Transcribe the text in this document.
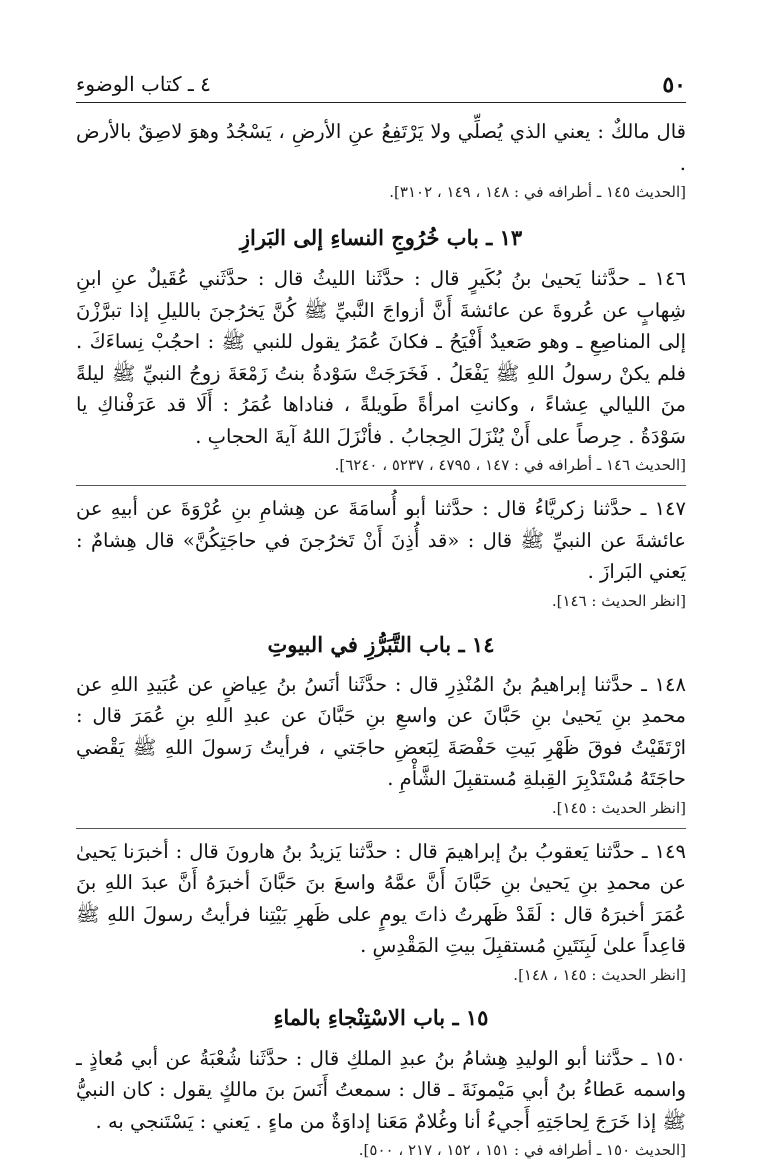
٥٠
٤ ـ كتاب الوضوء

قال مالكٌ : يعني الذي يُصلِّي ولا يَرْتَفِعُ عنِ الأرضِ ، يَسْجُدُ وهوَ لاصِقٌ بالأرض .

[الحديث ١٤٥ ـ أطرافه في : ١٤٨ ، ١٤٩ ، ٣١٠٢].

١٣ ـ باب خُرُوجِ النساءِ إلى البَرازِ

١٤٦ ـ حدَّثنا يَحيىٰ بنُ بُكَيرٍ قال : حدَّثَنا الليثُ قال : حدَّثَني عُقَيلٌ عنِ ابنِ شِهابٍ عن عُروةَ عن عائشةَ أَنَّ أزواجَ النَّبيِّ ﷺ كُنَّ يَخرُجنَ بالليلِ إذا تبرَّزْنَ إلى المناصِعِ ـ وهو صَعيدٌ أَفْيَحُ ـ فكانَ عُمَرُ يقول للنبي ﷺ : احجُبْ نِساءَكَ . فلم يكنْ رسولُ اللهِ ﷺ يَفْعَلُ . فَخَرَجَتْ سَوْدةُ بنتُ زَمْعَةَ زوجُ النبيِّ ﷺ ليلةً منَ الليالي عِشاءً ، وكانتِ امرأةً طَويلةً ، فناداها عُمَرُ : أَلَا قد عَرَفْناكِ يا سَوْدَةُ . حِرصاً على أَنْ يُنْزَلَ الحِجابُ . فأنْزَلَ اللهُ آيةَ الحجابِ .

[الحديث ١٤٦ ـ أطرافه في : ١٤٧ ، ٤٧٩٥ ، ٥٢٣٧ ، ٦٢٤٠].

١٤٧ ـ حدَّثنا زكريَّاءُ قال : حدَّثنا أبو أُسامَةَ عن هِشامِ بنِ عُرْوَةَ عن أبيهِ عن عائشةَ عن النبيِّ ﷺ قال : «قد أُذِنَ أَنْ تَخرُجنَ في حاجَتِكُنَّ» قال هِشامٌ : يَعني البَرازَ .

[انظر الحديث : ١٤٦].

١٤ ـ باب التَّبَرُّزِ في البيوتِ

١٤٨ ـ حدَّثنا إبراهيمُ بنُ المُنْذِرِ قال : حدَّثَنا أنَسُ بنُ عِياضٍ عن عُبَيدِ اللهِ عن محمدِ بنِ يَحيىٰ بنِ حَبَّانَ عن واسعِ بنِ حَبَّانَ عن عبدِ اللهِ بنِ عُمَرَ قال : ارْتَقَيْتُ فوقَ ظَهْرِ بَيتِ حَفْصَةَ لِبَعضِ حاجَتي ، فرأيتُ رَسولَ اللهِ ﷺ يَقْضي حاجَتَهُ مُسْتَدْبِرَ القِبلةِ مُستقبِلَ الشَّأْمِ .

[انظر الحديث : ١٤٥].

١٤٩ ـ حدَّثنا يَعقوبُ بنُ إبراهيمَ قال : حدَّثنا يَزيدُ بنُ هارونَ قال : أخبرَنا يَحيىٰ عن محمدِ بنِ يَحيىٰ بنِ حَبَّانَ أَنَّ عمَّهُ واسعَ بنَ حَبَّانَ أخبرَهُ أَنَّ عبدَ اللهِ بنَ عُمَرَ أخبرَهُ قال : لَقَدْ ظَهرتُ ذاتَ يومٍ على ظَهرِ بَيْتِنا فرأيتُ رسولَ اللهِ ﷺ قاعِداً علىٰ لَبِنَتَينِ مُستقبِلَ بيتِ المَقْدِسِ .

[انظر الحديث : ١٤٥ ، ١٤٨].

١٥ ـ باب الاسْتِنْجاءِ بالماءِ

١٥٠ ـ حدَّثنا أبو الوليدِ هِشامُ بنُ عبدِ الملكِ قال : حدَّثَنا شُعْبَةُ عن أبي مُعاذٍ ـ واسمه عَطاءُ بنُ أبي مَيْمونَةَ ـ قال : سمعتُ أَنَسَ بنَ مالكٍ يقول : كان النبيُّ ﷺ إذا خَرَجَ لِحاجَتِهِ أَجيءُ أنا وغُلامٌ مَعَنا إداوَةٌ من ماءٍ . يَعني : يَسْتَنجي به .

[الحديث ١٥٠ ـ أطرافه في : ١٥١ ، ١٥٢ ، ٢١٧ ، ٥٠٠].
